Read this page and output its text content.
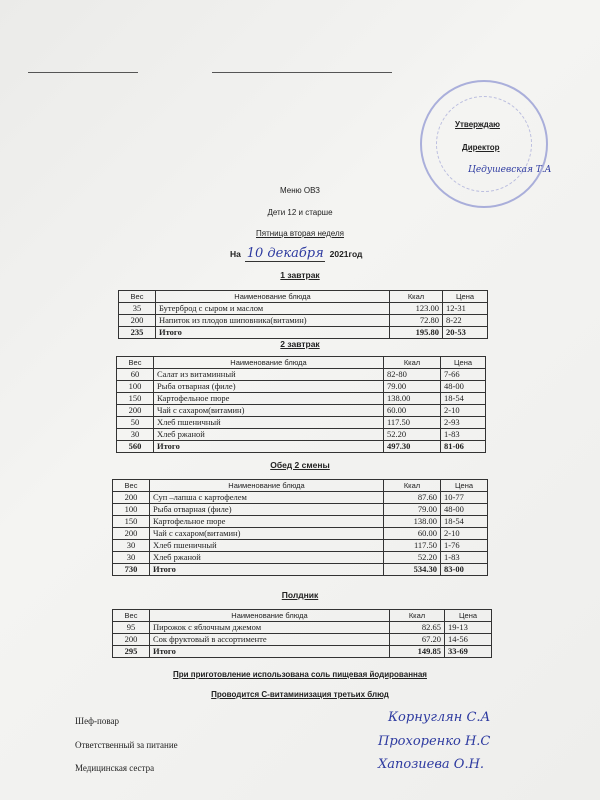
Утверждаю
Директор
Цедушевская Т.А
Меню ОВЗ
Дети 12 и старше
Пятница вторая неделя
На 10 декабря 2021год
1 завтрак
Вес	Наименование блюда	Ккал	Цена
35	Бутерброд с сыром и маслом	123.00	12-31
200	Напиток из плодов шиповника(витамин)	72.80	8-22
235	Итого	195.80	20-53
2 завтрак
Вес	Наименование блюда	Ккал	Цена
60	Салат из витаминный	82-80	7-66
100	Рыба отварная (филе)	79.00	48-00
150	Картофельное пюре	138.00	18-54
200	Чай с сахаром(витамин)	60.00	2-10
50	Хлеб пшеничный	117.50	2-93
30	Хлеб ржаной	52.20	1-83
560	Итого	497.30	81-06
Обед 2 смены
Вес	Наименование блюда	Ккал	Цена
200	Суп –лапша с картофелем	87.60	10-77
100	Рыба отварная (филе)	79.00	48-00
150	Картофельное пюре	138.00	18-54
200	Чай с сахаром(витамин)	60.00	2-10
30	Хлеб пшеничный	117.50	1-76
30	Хлеб ржаной	52.20	1-83
730	Итого	534.30	83-00
Полдник
Вес	Наименование блюда	Ккал	Цена
95	Пирожок с яблочным джемом	82.65	19-13
200	Сок фруктовый в ассортименте	67.20	14-56
295	Итого	149.85	33-69
При приготовление использована соль пищевая йодированная
Проводится С-витаминизация третьих блюд
Шеф-повар	Корнуглян С.А
Ответственный за питание	Прохоренко Н.С
Медицинская сестра	Хапозиева О.Н.
